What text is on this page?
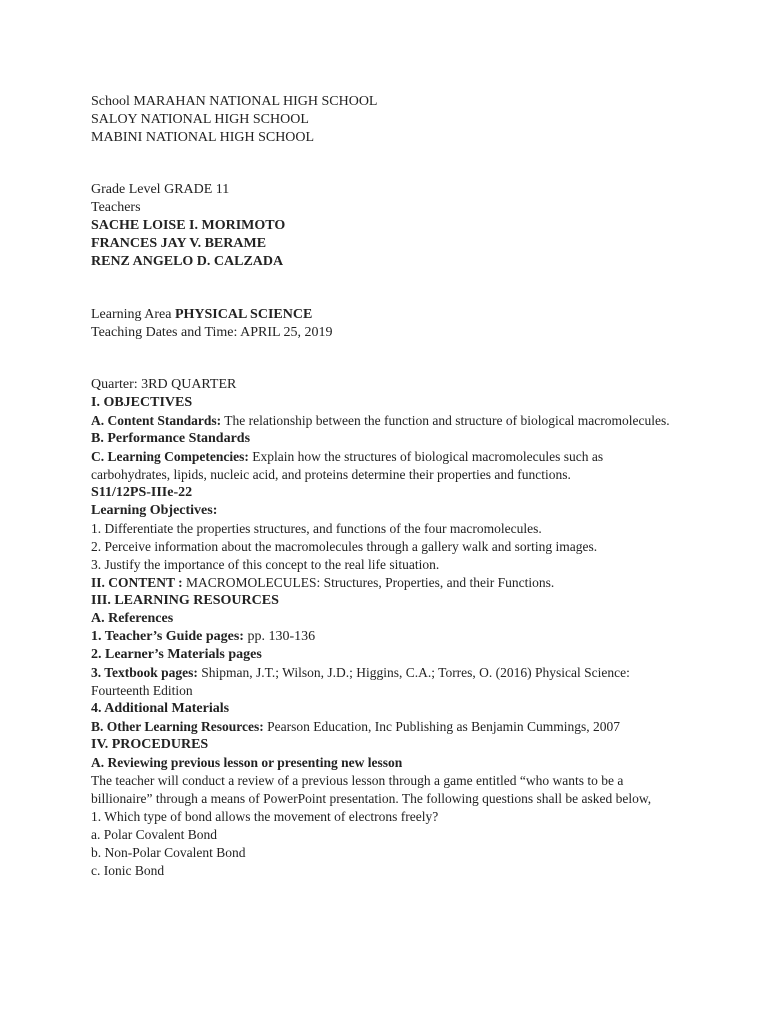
School MARAHAN NATIONAL HIGH SCHOOL
SALOY NATIONAL HIGH SCHOOL
MABINI NATIONAL HIGH SCHOOL
Grade Level GRADE 11
Teachers
SACHE LOISE I. MORIMOTO
FRANCES JAY V. BERAME
RENZ ANGELO D. CALZADA
Learning Area PHYSICAL SCIENCE
Teaching Dates and Time: APRIL 25, 2019
Quarter: 3RD QUARTER
I. OBJECTIVES
A. Content Standards: The relationship between the function and structure of biological macromolecules.
B. Performance Standards
C. Learning Competencies: Explain how the structures of biological macromolecules such as carbohydrates, lipids, nucleic acid, and proteins determine their properties and functions.
S11/12PS-IIIe-22
Learning Objectives:
1. Differentiate the properties structures, and functions of the four macromolecules.
2. Perceive information about the macromolecules through a gallery walk and sorting images.
3. Justify the importance of this concept to the real life situation.
II. CONTENT : MACROMOLECULES: Structures, Properties, and their Functions.
III. LEARNING RESOURCES
A. References
1. Teacher’s Guide pages: pp. 130-136
2. Learner’s Materials pages
3. Textbook pages: Shipman, J.T.; Wilson, J.D.; Higgins, C.A.; Torres, O. (2016) Physical Science: Fourteenth Edition
4. Additional Materials
B. Other Learning Resources: Pearson Education, Inc Publishing as Benjamin Cummings, 2007
IV. PROCEDURES
A. Reviewing previous lesson or presenting new lesson
The teacher will conduct a review of a previous lesson through a game entitled “who wants to be a billionaire” through a means of PowerPoint presentation. The following questions shall be asked below,
1. Which type of bond allows the movement of electrons freely?
a. Polar Covalent Bond
b. Non-Polar Covalent Bond
c. Ionic Bond
